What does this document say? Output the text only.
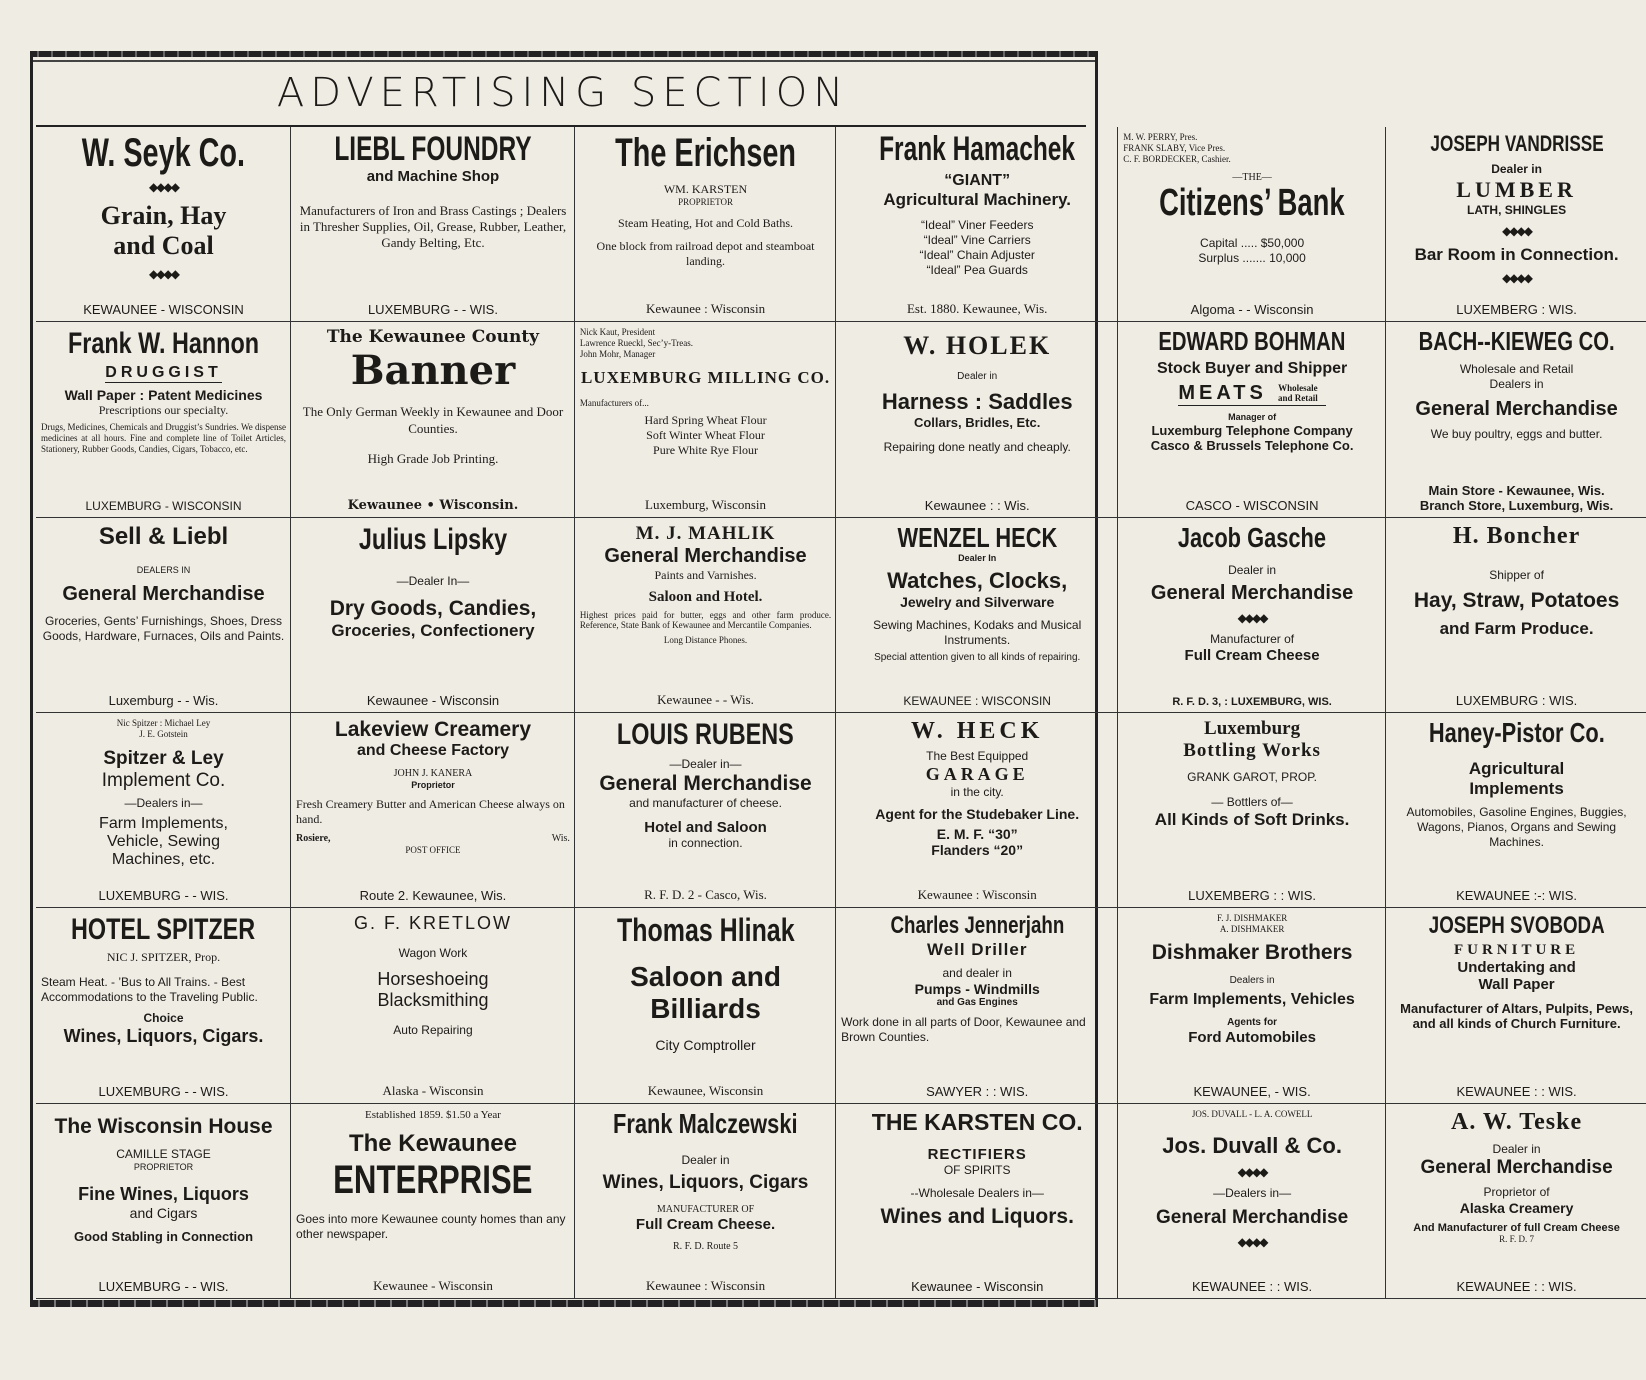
ADVERTISING SECTION
W. Seyk Co.
◆◆◆◆
Grain, Hay
and Coal
◆◆◆◆
KEWAUNEE - WISCONSIN
LIEBL FOUNDRY
and Machine Shop
Manufacturers of Iron and Brass Castings ; Dealers in Thresher Supplies, Oil, Grease, Rubber, Leather, Gandy Belting, Etc.
LUXEMBURG - - WIS.
The Erichsen
WM. KARSTEN
PROPRIETOR
Steam Heating, Hot and Cold Baths.
One block from railroad depot and steamboat landing.
Kewaunee : Wisconsin
Frank Hamachek
“GIANT”
Agricultural Machinery.
“Ideal” Viner Feeders
“Ideal” Vine Carriers
“Ideal” Chain Adjuster
“Ideal” Pea Guards
Est. 1880. Kewaunee, Wis.
M. W. PERRY, Pres.
FRANK SLABY, Vice Pres.
C. F. BORDECKER, Cashier.
—THE—
Citizens’ Bank
Capital ..... $50,000
Surplus ....... 10,000
Algoma - - Wisconsin
JOSEPH VANDRISSE
Dealer in
LUMBER
LATH, SHINGLES
◆◆◆◆
Bar Room in Connection.
◆◆◆◆
LUXEMBERG : WIS.
Frank W. Hannon
DRUGGIST
Wall Paper : Patent Medicines
Prescriptions our specialty.
Drugs, Medicines, Chemicals and Druggist’s Sundries. We dispense medicines at all hours. Fine and complete line of Toilet Articles, Stationery, Rubber Goods, Candies, Cigars, Tobacco, etc.
LUXEMBURG - WISCONSIN
The Kewaunee County
Banner
The Only German Weekly in Kewaunee and Door Counties.
High Grade Job Printing.
Kewaunee • Wisconsin.
Nick Kaut, President
Lawrence Rueckl, Sec’y-Treas.
John Mohr, Manager
LUXEMBURG MILLING CO.
Manufacturers of...
Hard Spring Wheat Flour
Soft Winter Wheat Flour
Pure White Rye Flour
Luxemburg, Wisconsin
W. HOLEK
Dealer in
Harness : Saddles
Collars, Bridles, Etc.
Repairing done neatly and cheaply.
Kewaunee : : Wis.
EDWARD BOHMAN
Stock Buyer and Shipper
MEATS	Wholesale and Retail
Manager of
Luxemburg Telephone Company
Casco & Brussels Telephone Co.
CASCO - WISCONSIN
BACH--KIEWEG CO.
Wholesale and Retail
Dealers in
General Merchandise
We buy poultry, eggs and butter.
Main Store - Kewaunee, Wis.
Branch Store, Luxemburg, Wis.
Sell & Liebl
DEALERS IN
General Merchandise
Groceries, Gents’ Furnishings, Shoes, Dress Goods, Hardware, Furnaces, Oils and Paints.
Luxemburg - - Wis.
Julius Lipsky
—Dealer In—
Dry Goods, Candies,
Groceries, Confectionery
Kewaunee - Wisconsin
M. J. MAHLIK
General Merchandise
Paints and Varnishes.
Saloon and Hotel.
Highest prices paid for butter, eggs and other farm produce. Reference, State Bank of Kewaunee and Mercantile Companies.
Long Distance Phones.
Kewaunee - - Wis.
WENZEL HECK
Dealer In
Watches, Clocks,
Jewelry and Silverware
Sewing Machines, Kodaks and Musical Instruments.
Special attention given to all kinds of repairing.
KEWAUNEE : WISCONSIN
Jacob Gasche
Dealer in
General Merchandise
◆◆◆◆
Manufacturer of
Full Cream Cheese
R. F. D. 3, : LUXEMBURG, WIS.
H. Boncher
Shipper of
Hay, Straw, Potatoes
and Farm Produce.
LUXEMBURG : WIS.
Nic Spitzer : Michael Ley
J. E. Gotstein
Spitzer & Ley
Implement Co.
—Dealers in—
Farm Implements,
Vehicle, Sewing
Machines, etc.
LUXEMBURG - - WIS.
Lakeview Creamery
and Cheese Factory
JOHN J. KANERA
Proprietor
Fresh Creamery Butter and American Cheese always on hand.
Rosiere,	Wis.
POST OFFICE
Route 2. Kewaunee, Wis.
LOUIS RUBENS
—Dealer in—
General Merchandise
and manufacturer of cheese.
Hotel and Saloon
in connection.
R. F. D. 2 - Casco, Wis.
W. HECK
The Best Equipped
GARAGE
in the city.
Agent for the Studebaker Line.
E. M. F. “30”
Flanders “20”
Kewaunee : Wisconsin
Luxemburg
Bottling Works
GRANK GAROT, PROP.
— Bottlers of—
All Kinds of Soft Drinks.
LUXEMBERG : : WIS.
Haney-Pistor Co.
Agricultural
Implements
Automobiles, Gasoline Engines, Buggies, Wagons, Pianos, Organs and Sewing Machines.
KEWAUNEE :-: WIS.
HOTEL SPITZER
NIC J. SPITZER, Prop.
Steam Heat. - ’Bus to All Trains. - Best Accommodations to the Traveling Public.
Choice
Wines, Liquors, Cigars.
LUXEMBURG - - WIS.
G. F. KRETLOW
Wagon Work
Horseshoeing
Blacksmithing
Auto Repairing
Alaska - Wisconsin
Thomas Hlinak
Saloon and
Billiards
City Comptroller
Kewaunee, Wisconsin
Charles Jennerjahn
Well Driller
and dealer in
Pumps - Windmills
and Gas Engines
Work done in all parts of Door, Kewaunee and Brown Counties.
SAWYER : : WIS.
F. J. DISHMAKER
A. DISHMAKER
Dishmaker Brothers
Dealers in
Farm Implements, Vehicles
Agents for
Ford Automobiles
KEWAUNEE, - WIS.
JOSEPH SVOBODA
FURNITURE
Undertaking and
Wall Paper
Manufacturer of Altars, Pulpits, Pews, and all kinds of Church Furniture.
KEWAUNEE : : WIS.
The Wisconsin House
CAMILLE STAGE
PROPRIETOR
Fine Wines, Liquors
and Cigars
Good Stabling in Connection
LUXEMBURG - - WIS.
Established 1859. $1.50 a Year
The Kewaunee
ENTERPRISE
Goes into more Kewaunee county homes than any other newspaper.
Kewaunee - Wisconsin
Frank Malczewski
Dealer in
Wines, Liquors, Cigars
MANUFACTURER OF
Full Cream Cheese.
R. F. D. Route 5
Kewaunee : Wisconsin
THE KARSTEN CO.
RECTIFIERS
OF SPIRITS
--Wholesale Dealers in—
Wines and Liquors.
Kewaunee - Wisconsin
JOS. DUVALL - L. A. COWELL
Jos. Duvall & Co.
◆◆◆◆
—Dealers in—
General Merchandise
◆◆◆◆
KEWAUNEE : : WIS.
A. W. Teske
Dealer in
General Merchandise
Proprietor of
Alaska Creamery
And Manufacturer of full Cream Cheese
R. F. D. 7
KEWAUNEE : : WIS.
